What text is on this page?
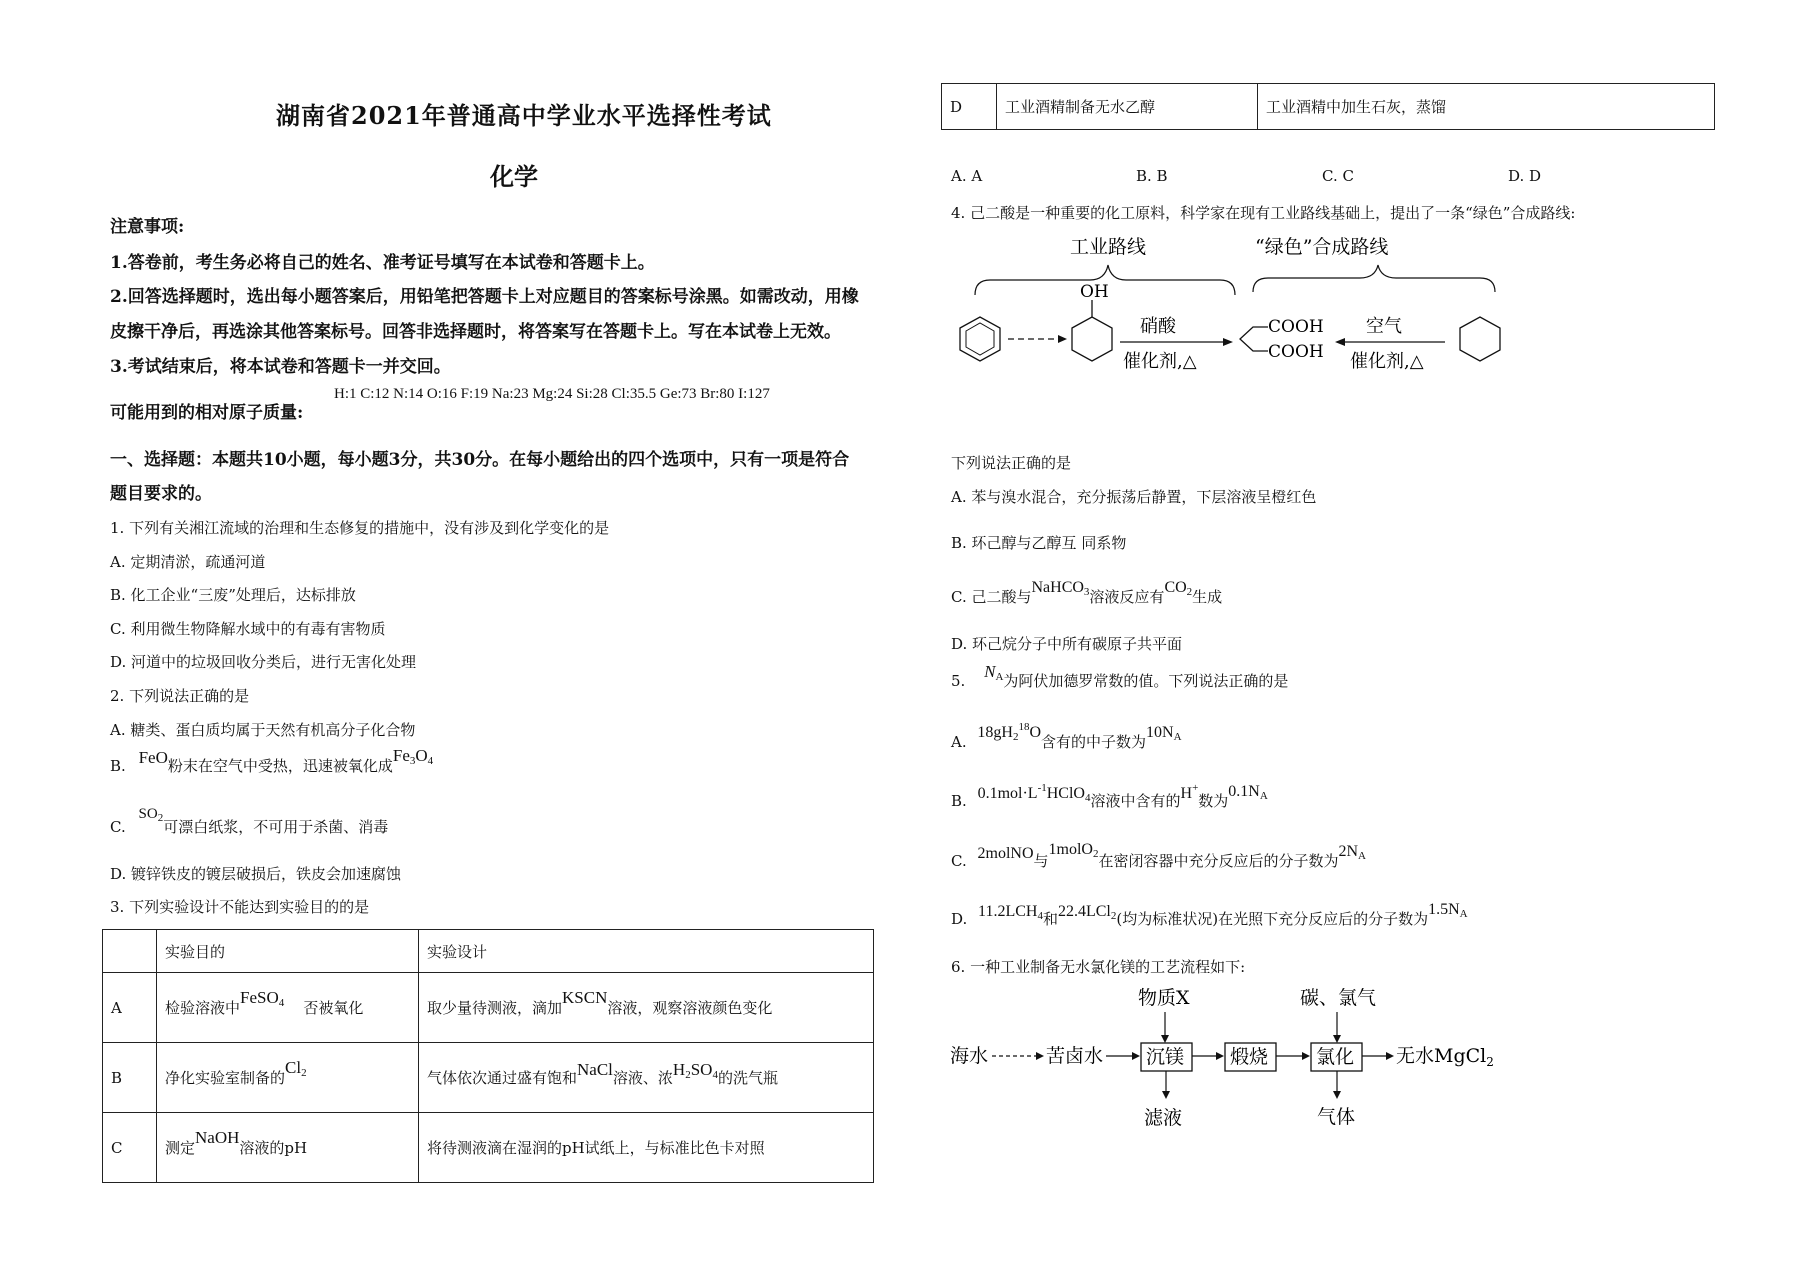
湖南省2021年普通高中学业水平选择性考试
化学
注意事项:
1.答卷前，考生务必将自己的姓名、准考证号填写在本试卷和答题卡上。
2.回答选择题时，选出每小题答案后，用铅笔把答题卡上对应题目的答案标号涂黑。如需改动，用橡
皮擦干净后，再选涂其他答案标号。回答非选择题时，将答案写在答题卡上。写在本试卷上无效。
3.考试结束后，将本试卷和答题卡一并交回。
可能用到的相对原子质量:
H:1 C:12 N:14 O:16 F:19 Na:23 Mg:24 Si:28 Cl:35.5 Ge:73 Br:80 I:127
一、选择题：本题共10小题，每小题3分，共30分。在每小题给出的四个选项中，只有一项是符合
题目要求的。
1. 下列有关湘江流域的治理和生态修复的措施中，没有涉及到化学变化的是
A. 定期清淤，疏通河道
B. 化工企业“三废”处理后，达标排放
C. 利用微生物降解水域中的有毒有害物质
D. 河道中的垃圾回收分类后，进行无害化处理
2. 下列说法正确的是
A. 糖类、蛋白质均属于天然有机高分子化合物
B. FeO粉末在空气中受热，迅速被氧化成$Fe_3O_4$
C. $SO_2$可漂白纸浆，不可用于杀菌、消毒
D. 镀锌铁皮的镀层破损后，铁皮会加速腐蚀
3. 下列实验设计不能达到实验目的的是
	实验目的	实验设计
A	检验溶液中FeSO$_4$ 否被氧化	取少量待测液，滴加KSCN溶液，观察溶液颜色变化
B	净化实验室制备的$Cl_2$	气体依次通过盛有饱和NaCl溶液、浓$H_2SO_4$的洗气瓶
C	测定NaOH溶液的pH	将待测液滴在湿润的pH试纸上，与标准比色卡对照
D	工业酒精制备无水乙醇	工业酒精中加生石灰，蒸馏
A. A	B. B	C. C	D. D
4. 己二酸是一种重要的化工原料，科学家在现有工业路线基础上，提出了一条“绿色”合成路线:
工业路线	“绿色”合成路线
OH
硝酸
催化剂,△
COOH
COOH
空气
催化剂,△
下列说法正确的是
A. 苯与溴水混合，充分振荡后静置，下层溶液呈橙红色
B. 环己醇与乙醇互 同系物
C. 己二酸与NaHCO$_3$溶液反应有$CO_2$生成
D. 环己烷分子中所有碳原子共平面
5. $N_A$为阿伏加德罗常数的值。下列说法正确的是
A. $18gH_2^{18}O$含有的中子数为$10N_A$
B. $0.1mol\cdot L^{-1}HClO_4$溶液中含有的H+数为$0.1N_A$
C. 2molNO与1molO$_2$在密闭容器中充分反应后的分子数为$2N_A$
D. $11.2LCH_4$和22.4LCl$_2$(均为标准状况)在光照下充分反应后的分子数为$1.5N_A$
6. 一种工业制备无水氯化镁的工艺流程如下:
物质X	碳、氯气
海水	苦卤水 沉镁 煅烧	氯化 无水MgCl$_2$
滤液	气体
